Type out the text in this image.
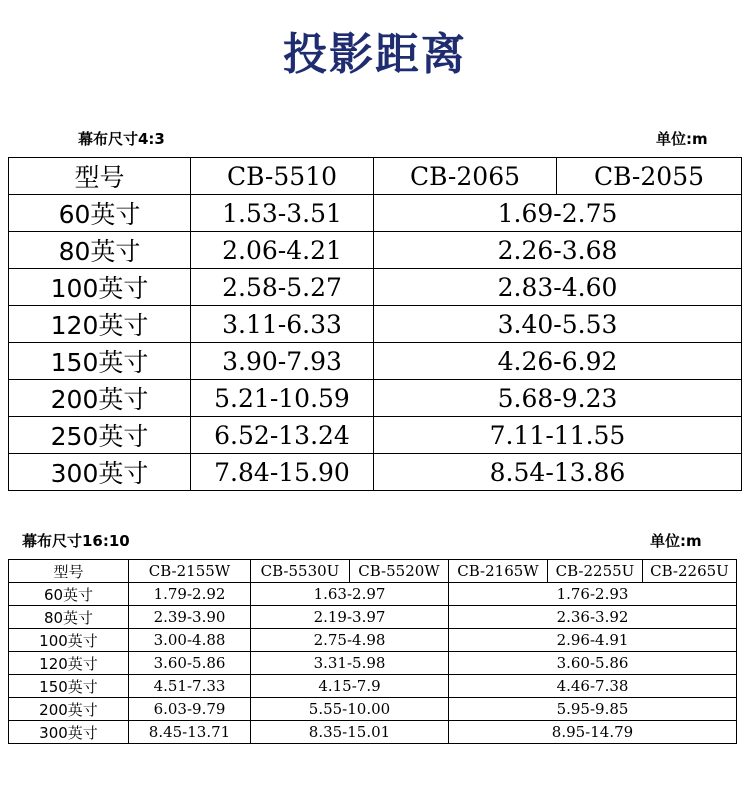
投影距离
幕布尺寸4:3	单位:m
型号	CB-5510	CB-2065	CB-2055
60英寸	1.53-3.51	1.69-2.75	
80英寸	2.06-4.21	2.26-3.68	
100英寸	2.58-5.27	2.83-4.60	
120英寸	3.11-6.33	3.40-5.53	
150英寸	3.90-7.93	4.26-6.92	
200英寸	5.21-10.59	5.68-9.23	
250英寸	6.52-13.24	7.11-11.55	
300英寸	7.84-15.90	8.54-13.86	
幕布尺寸16:10	单位:m
型号	CB-2155W	CB-5530U	CB-5520W	CB-2165W	CB-2255U	CB-2265U
60英寸	1.79-2.92	1.63-2.97		1.76-2.93		
80英寸	2.39-3.90	2.19-3.97		2.36-3.92		
100英寸	3.00-4.88	2.75-4.98		2.96-4.91		
120英寸	3.60-5.86	3.31-5.98		3.60-5.86		
150英寸	4.51-7.33	4.15-7.9		4.46-7.38		
200英寸	6.03-9.79	5.55-10.00		5.95-9.85		
300英寸	8.45-13.71	8.35-15.01		8.95-14.79		
